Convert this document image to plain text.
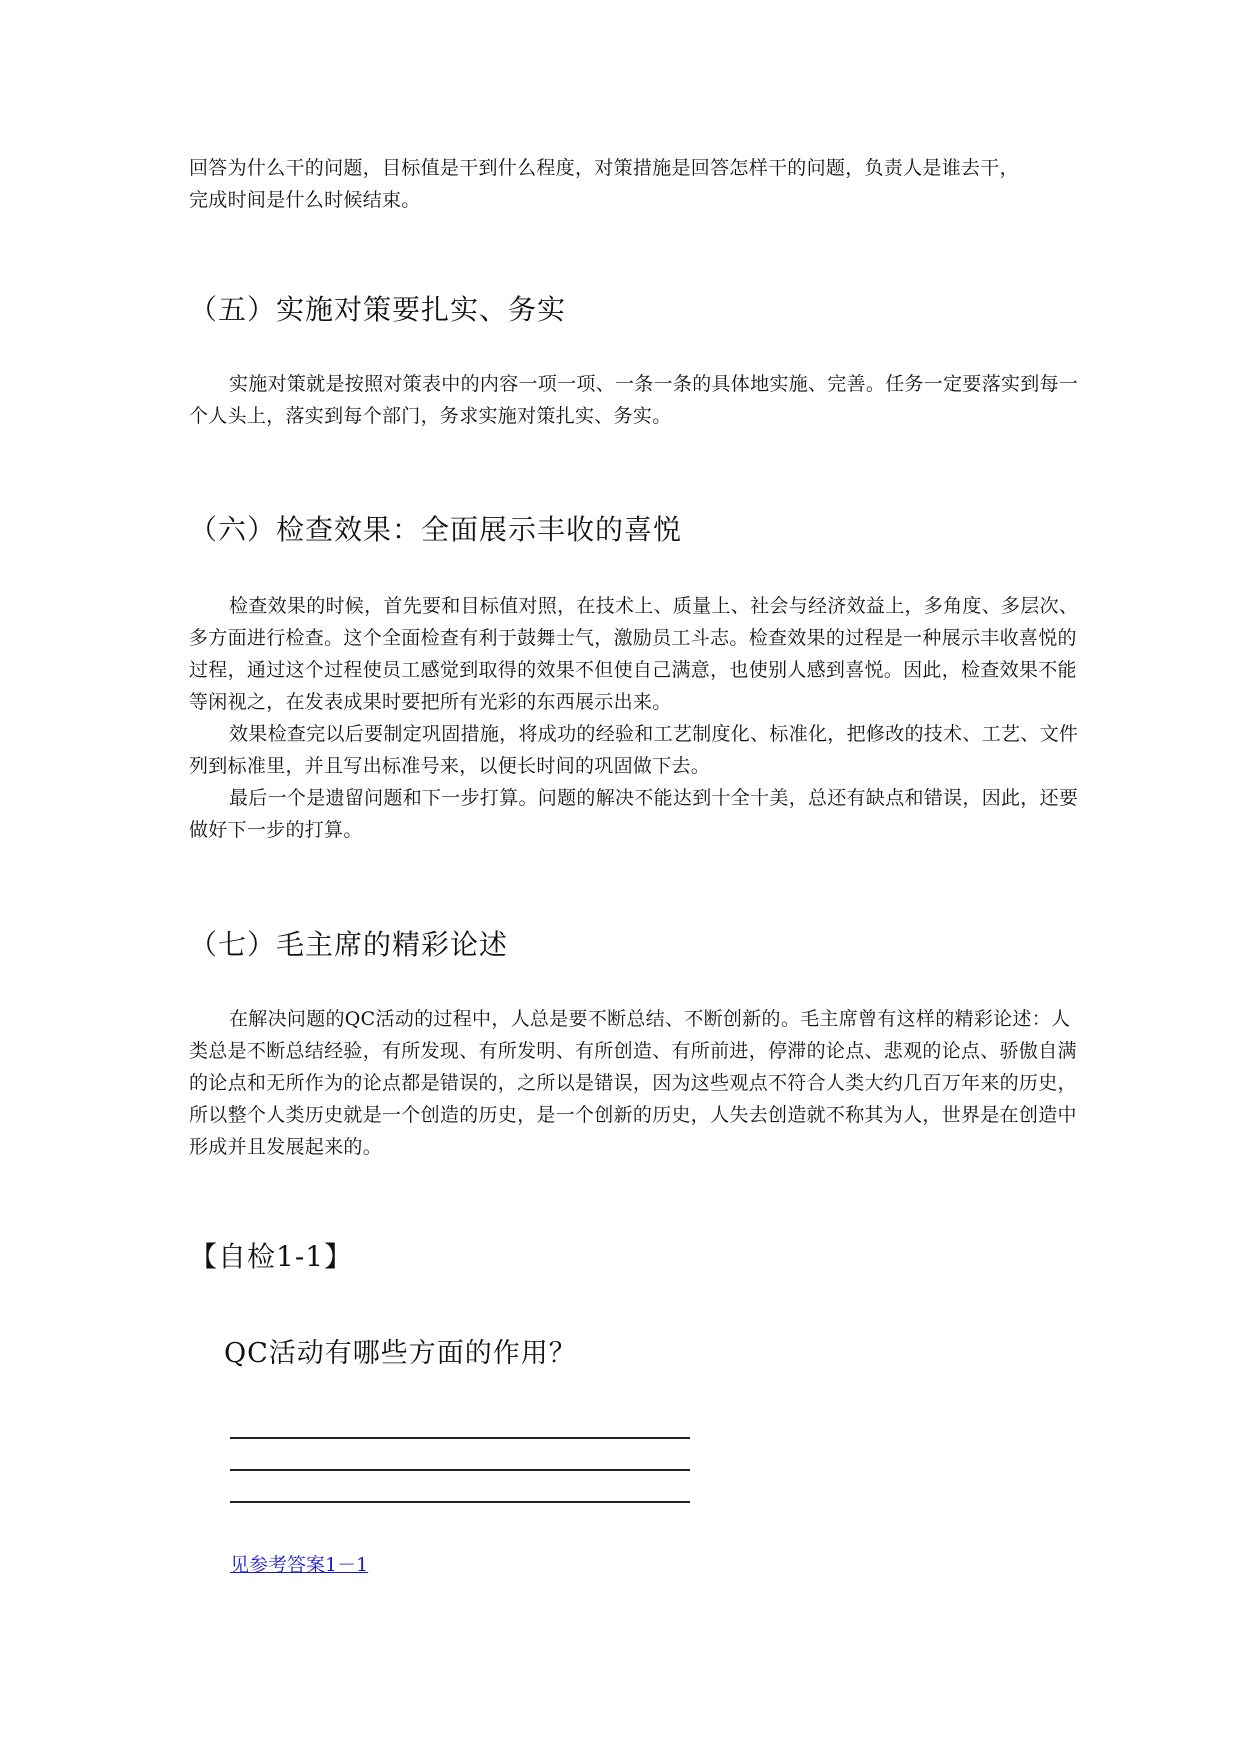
回答为什么干的问题，目标值是干到什么程度，对策措施是回答怎样干的问题，负责人是谁去干，
完成时间是什么时候结束。

（五）实施对策要扎实、务实

实施对策就是按照对策表中的内容一项一项、一条一条的具体地实施、完善。任务一定要落实到每一个人头上，落实到每个部门，务求实施对策扎实、务实。

（六）检查效果：全面展示丰收的喜悦

检查效果的时候，首先要和目标值对照，在技术上、质量上、社会与经济效益上，多角度、多层次、多方面进行检查。这个全面检查有利于鼓舞士气，激励员工斗志。检查效果的过程是一种展示丰收喜悦的过程，通过这个过程使员工感觉到取得的效果不但使自己满意，也使别人感到喜悦。因此，检查效果不能等闲视之，在发表成果时要把所有光彩的东西展示出来。

效果检查完以后要制定巩固措施，将成功的经验和工艺制度化、标准化，把修改的技术、工艺、文件列到标准里，并且写出标准号来，以便长时间的巩固做下去。

最后一个是遗留问题和下一步打算。问题的解决不能达到十全十美，总还有缺点和错误，因此，还要做好下一步的打算。

（七）毛主席的精彩论述

在解决问题的QC活动的过程中，人总是要不断总结、不断创新的。毛主席曾有这样的精彩论述：人类总是不断总结经验，有所发现、有所发明、有所创造、有所前进，停滞的论点、悲观的论点、骄傲自满的论点和无所作为的论点都是错误的，之所以是错误，因为这些观点不符合人类大约几百万年来的历史，所以整个人类历史就是一个创造的历史，是一个创新的历史，人失去创造就不称其为人，世界是在创造中形成并且发展起来的。

【自检1-1】
QC活动有哪些方面的作用？
见参考答案1－1
